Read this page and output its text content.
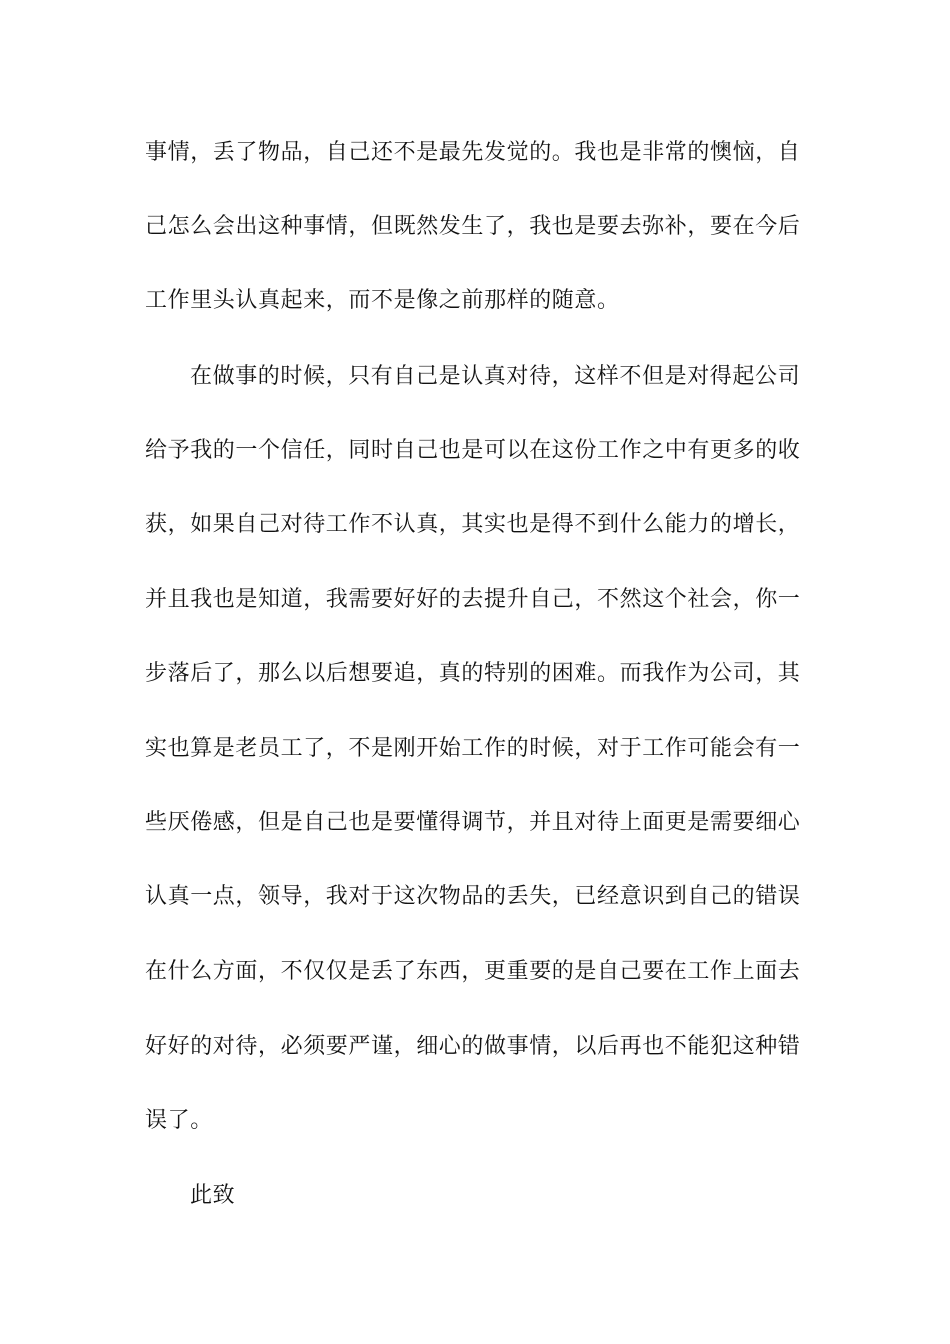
事情，丢了物品，自己还不是最先发觉的。我也是非常的懊恼，自
己怎么会出这种事情，但既然发生了，我也是要去弥补，要在今后
工作里头认真起来，而不是像之前那样的随意。
在做事的时候，只有自己是认真对待，这样不但是对得起公司
给予我的一个信任，同时自己也是可以在这份工作之中有更多的收
获，如果自己对待工作不认真，其实也是得不到什么能力的增长，
并且我也是知道，我需要好好的去提升自己，不然这个社会，你一
步落后了，那么以后想要追，真的特别的困难。而我作为公司，其
实也算是老员工了，不是刚开始工作的时候，对于工作可能会有一
些厌倦感，但是自己也是要懂得调节，并且对待上面更是需要细心
认真一点，领导，我对于这次物品的丢失，已经意识到自己的错误
在什么方面，不仅仅是丢了东西，更重要的是自己要在工作上面去
好好的对待，必须要严谨，细心的做事情，以后再也不能犯这种错
误了。
此致
